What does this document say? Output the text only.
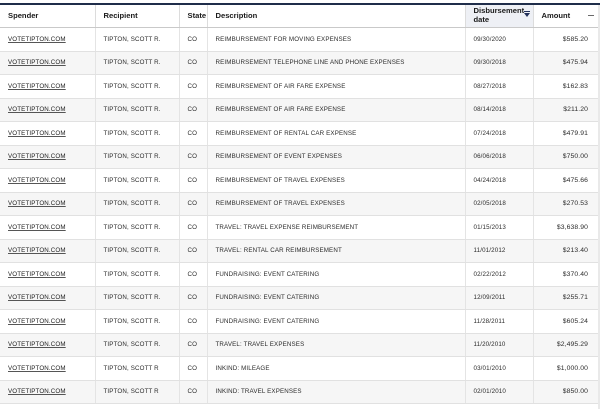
Spender	Recipient	State	Description	Disbursement date	Amount

VOTETIPTON.COM	TIPTON, SCOTT R.	CO	REIMBURSEMENT FOR MOVING EXPENSES	09/30/2020	$585.20
VOTETIPTON.COM	TIPTON, SCOTT R.	CO	REIMBURSEMENT TELEPHONE LINE AND PHONE EXPENSES	09/30/2018	$475.94
VOTETIPTON.COM	TIPTON, SCOTT R.	CO	REIMBURSEMENT OF AIR FARE EXPENSE	08/27/2018	$162.83
VOTETIPTON.COM	TIPTON, SCOTT R.	CO	REIMBURSEMENT OF AIR FARE EXPENSE	08/14/2018	$211.20
VOTETIPTON.COM	TIPTON, SCOTT R.	CO	REIMBURSEMENT OF RENTAL CAR EXPENSE	07/24/2018	$479.91
VOTETIPTON.COM	TIPTON, SCOTT R.	CO	REIMBURSEMENT OF EVENT EXPENSES	06/06/2018	$750.00
VOTETIPTON.COM	TIPTON, SCOTT R.	CO	REIMBURSEMENT OF TRAVEL EXPENSES	04/24/2018	$475.66
VOTETIPTON.COM	TIPTON, SCOTT R.	CO	REIMBURSEMENT OF TRAVEL EXPENSES	02/05/2018	$270.53
VOTETIPTON.COM	TIPTON, SCOTT R.	CO	TRAVEL: TRAVEL EXPENSE REIMBURSEMENT	01/15/2013	$3,638.90
VOTETIPTON.COM	TIPTON, SCOTT R.	CO	TRAVEL: RENTAL CAR REIMBURSEMENT	11/01/2012	$213.40
VOTETIPTON.COM	TIPTON, SCOTT R.	CO	FUNDRAISING: EVENT CATERING	02/22/2012	$370.40
VOTETIPTON.COM	TIPTON, SCOTT R.	CO	FUNDRAISING: EVENT CATERING	12/09/2011	$255.71
VOTETIPTON.COM	TIPTON, SCOTT R.	CO	FUNDRAISING: EVENT CATERING	11/28/2011	$605.24
VOTETIPTON.COM	TIPTON, SCOTT R.	CO	TRAVEL: TRAVEL EXPENSES	11/20/2010	$2,495.29
VOTETIPTON.COM	TIPTON, SCOTT R	CO	INKIND: MILEAGE	03/01/2010	$1,000.00
VOTETIPTON.COM	TIPTON, SCOTT R	CO	INKIND: TRAVEL EXPENSES	02/01/2010	$850.00
